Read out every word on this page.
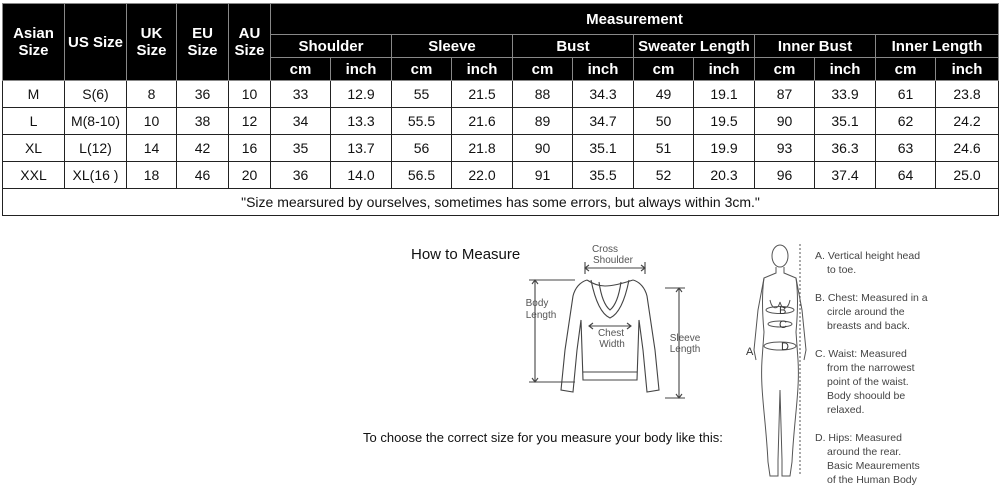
Asian Size	US Size	UK Size	EU Size	AU Size	Measurement											
					Shoulder		Sleeve		Bust		Sweater Length		Inner Bust		Inner Length	
					cm	inch	cm	inch	cm	inch	cm	inch	cm	inch	cm	inch
M	S(6)	8	36	10	33	12.9	55	21.5	88	34.3	49	19.1	87	33.9	61	23.8
L	M(8-10)	10	38	12	34	13.3	55.5	21.6	89	34.7	50	19.5	90	35.1	62	24.2
XL	L(12)	14	42	16	35	13.7	56	21.8	90	35.1	51	19.9	93	36.3	63	24.6
XXL	XL(16 )	18	46	20	36	14.0	56.5	22.0	91	35.5	52	20.3	96	37.4	64	25.0
"Size mearsured by ourselves, sometimes has some errors, but always within 3cm."																
How to Measure	Cross
Shoulder
Body
Length
Chest
Width
Sleeve
Length
B
C
D
A
A. Vertical height head
to toe.
B. Chest: Measured in a
circle around the
breasts and back.
C. Waist: Measured
from the narrowest
point of the waist.
Body shoould be
relaxed.
D. Hips: Measured
around the rear.
Basic Meaurements
of the Human Body
To choose the correct size for you measure your body like this:
